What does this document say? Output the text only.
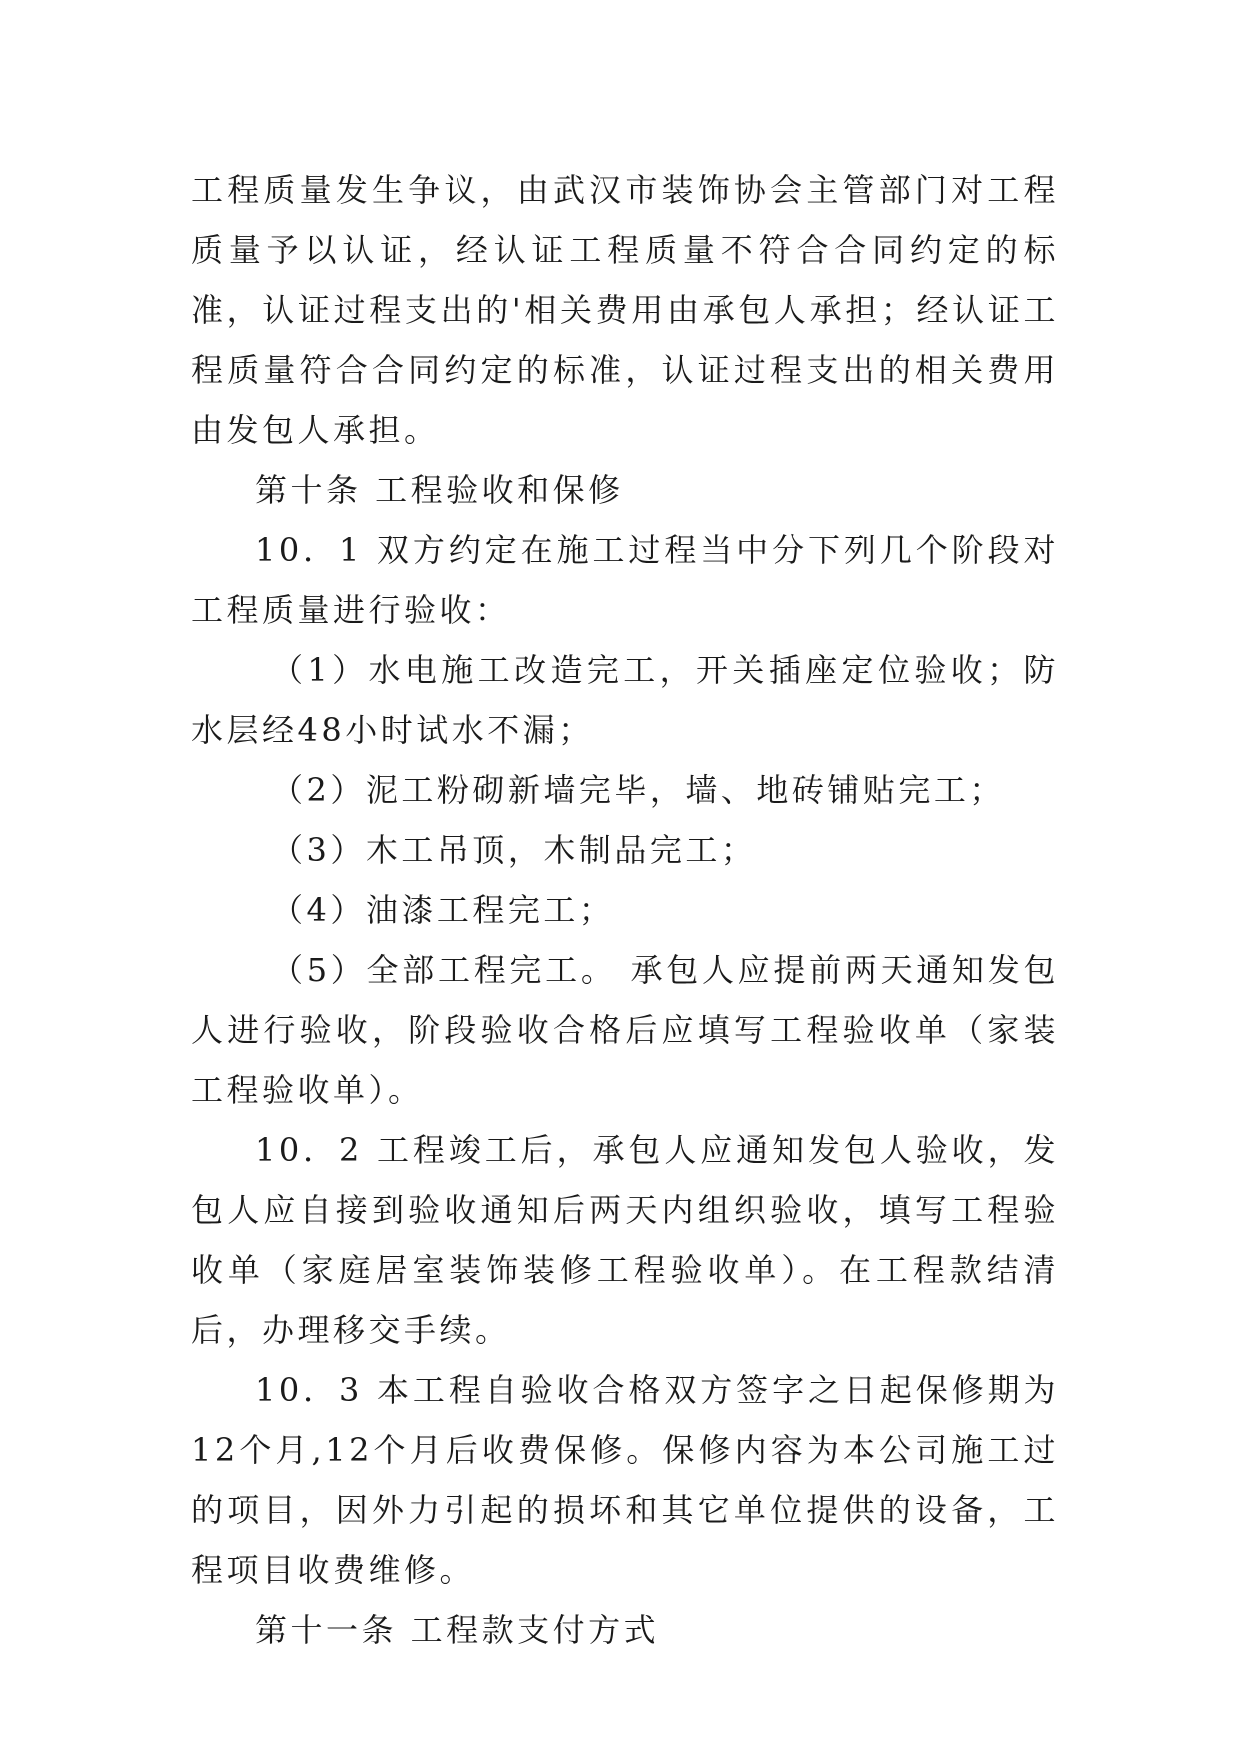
工程质量发生争议，由武汉市装饰协会主管部门对工程质量予以认证，经认证工程质量不符合合同约定的标准，认证过程支出的'相关费用由承包人承担；经认证工程质量符合合同约定的标准，认证过程支出的相关费用由发包人承担。

第十条 工程验收和保修

10．1 双方约定在施工过程当中分下列几个阶段对工程质量进行验收：

（1）水电施工改造完工，开关插座定位验收；防水层经48小时试水不漏；

（2）泥工粉砌新墙完毕，墙、地砖铺贴完工；

（3）木工吊顶，木制品完工；

（4）油漆工程完工；

（5）全部工程完工。 承包人应提前两天通知发包人进行验收，阶段验收合格后应填写工程验收单（家装工程验收单）。

10．2 工程竣工后，承包人应通知发包人验收，发包人应自接到验收通知后两天内组织验收，填写工程验收单（家庭居室装饰装修工程验收单）。在工程款结清后，办理移交手续。

10．3 本工程自验收合格双方签字之日起保修期为12个月,12个月后收费保修。保修内容为本公司施工过的项目，因外力引起的损坏和其它单位提供的设备，工程项目收费维修。

第十一条 工程款支付方式
